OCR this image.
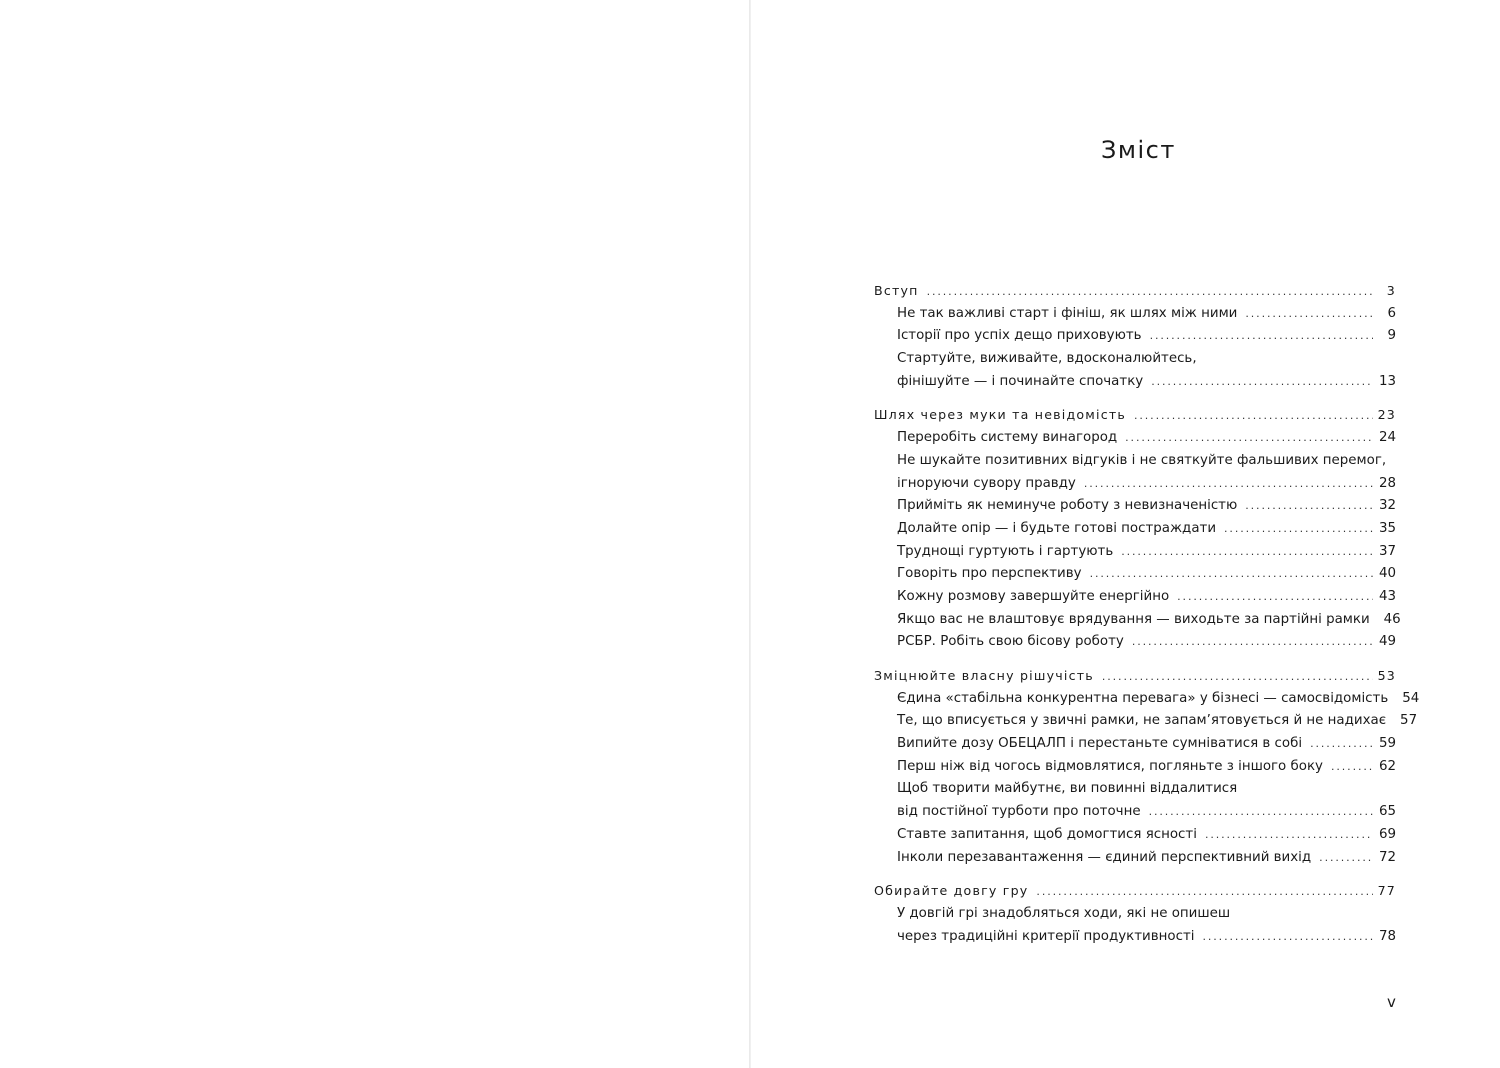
Зміст
Вступ .....	3
Не так важливі старт і фініш, як шлях між ними .....	6
Історії про успіх дещо приховують .....	9
Стартуйте, виживайте, вдосконалюйтесь,
фінішуйте — і починайте спочатку .....	13
Шлях через муки та невідомість .....	23
Переробіть систему винагород .....	24
Не шукайте позитивних відгуків і не святкуйте фальшивих перемог,
ігноруючи сувору правду .....	28
Прийміть як неминуче роботу з невизначеністю .....	32
Долайте опір — і будьте готові постраждати .....	35
Труднощі гуртують і гартують .....	37
Говоріть про перспективу .....	40
Кожну розмову завершуйте енергійно .....	43
Якщо вас не влаштовує врядування — виходьте за партійні рамки 46
РСБР. Робіть свою бісову роботу .....	49
Зміцнюйте власну рішучість .....	53
Єдина «стабільна конкурентна перевага» у бізнесі — самосвідомість 54
Те, що вписується у звичні рамки, не запам’ятовується й не надихає 57
Випийте дозу ОБЕЦАЛП і перестаньте сумніватися в собі .....	59
Перш ніж від чогось відмовлятися, погляньте з іншого боку .....	62
Щоб творити майбутнє, ви повинні віддалитися
від постійної турботи про поточне .....	65
Ставте запитання, щоб домогтися ясності .....	69
Інколи перезавантаження — єдиний перспективний вихід .....	72
Обирайте довгу гру .....	77
У довгій грі знадобляться ходи, які не опишеш
через традиційні критерії продуктивності .....	78
v
